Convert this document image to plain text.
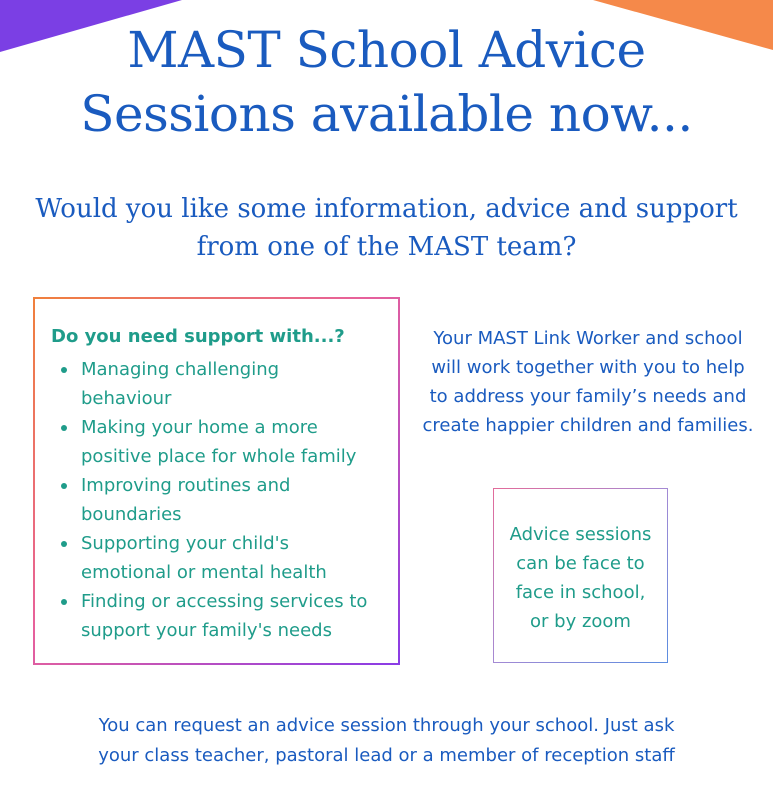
MAST School Advice
Sessions available now...
Would you like some information, advice and support
from one of the MAST team?
Do you need support with...?
Managing challenging
behaviour
Making your home a more
positive place for whole family
Improving routines and
boundaries
Supporting your child's
emotional or mental health
Finding or accessing services to
support your family's needs
Your MAST Link Worker and school
will work together with you to help
to address your family’s needs and
create happier children and families.
Advice sessions
can be face to
face in school,
or by zoom
You can request an advice session through your school. Just ask
your class teacher, pastoral lead or a member of reception staff
